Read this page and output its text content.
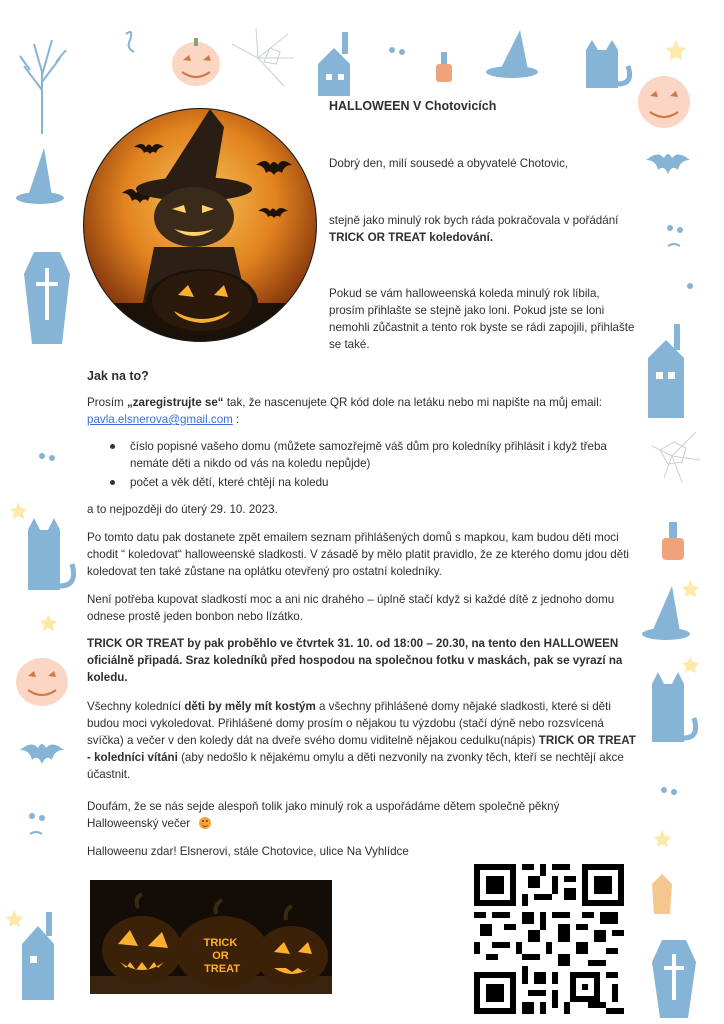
HALLOWEEN V Chotovicích
Dobrý den, milí sousedé a obyvatelé Chotovic,
stejně jako minulý rok bych ráda pokračovala v pořádání
TRICK OR TREAT koledování.
Pokud se vám halloweenská koleda minulý rok líbila, prosím přihlašte se stejně jako loni. Pokud jste se loni nemohli zůčastnit a tento rok byste se rádi zapojili, přihlašte se také.
Jak na to?
Prosím „zaregistrujte se“ tak, že nascenujete QR kód dole na letáku nebo mi napište na můj email:
pavla.elsnerova@gmail.com :
číslo popisné vašeho domu (můžete samozřejmě váš dům pro koledníky přihlásit i když třeba nemáte děti a nikdo od vás na koledu nepůjde)
počet a věk dětí, které chtějí na koledu
a to nejpozději do úterý 29. 10. 2023.
Po tomto datu pak dostanete zpět emailem seznam přihlášených domů s mapkou, kam budou děti moci chodit “ koledovat“ halloweenské sladkosti. V zásadě by mělo platit pravidlo, že ze kterého domu jdou děti koledovat ten také zůstane na oplátku otevřený pro ostatní koledníky.
Není potřeba kupovat sladkostí moc a ani nic drahého – úplně stačí když si každé dítě z jednoho domu odnese prostě jeden bonbon nebo lízátko.
TRICK OR TREAT by pak proběhlo ve čtvrtek 31. 10. od 18:00 – 20.30, na tento den HALLOWEEN oficiálně připadá. Sraz koledníků před hospodou na společnou fotku v maskách, pak se vyrazí na koledu.
Všechny kolednící děti by měly mít kostým a všechny přihlášené domy nějaké sladkosti, které si děti budou moci vykoledovat. Přihlášené domy prosím o nějakou tu výzdobu (stačí dýně nebo rozsvícená svíčka) a večer v den koledy dát na dveře svého domu viditelně nějakou cedulku(nápis) TRICK OR TREAT - koledníci vítáni (aby nedošlo k nějakému omylu a děti nezvonily na zvonky těch, kteří se nechtějí akce účastnit.
Doufám, že se nás sejde alespoň tolik jako minulý rok a uspořádáme dětem společně pěkný Halloweenský večer
Halloweenu zdar! Elsnerovi, stále Chotovice, ulice Na Vyhlídce
TRICK OR TREAT
